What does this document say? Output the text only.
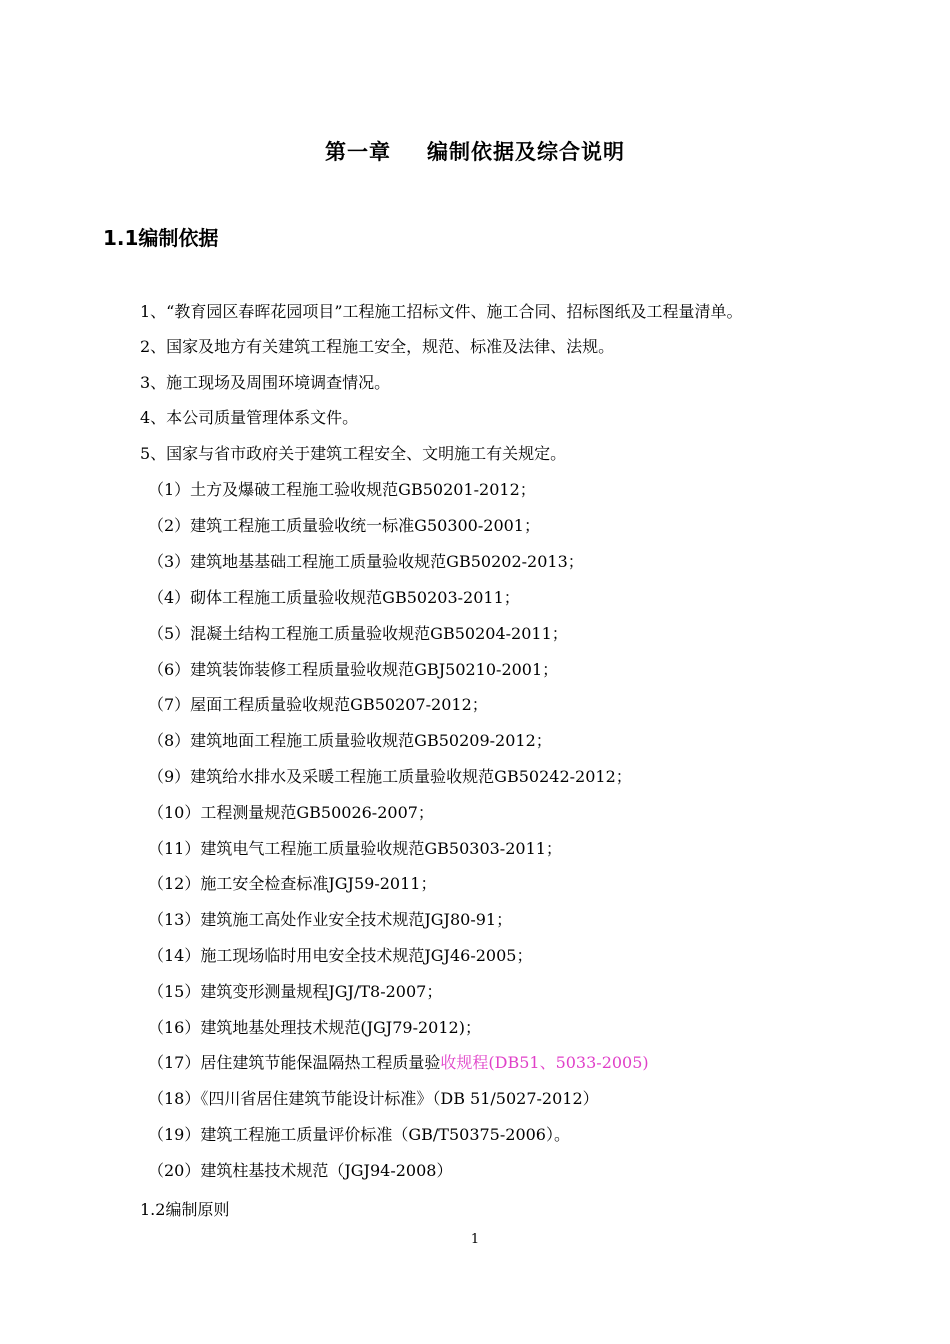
第一章 编制依据及综合说明
1.1编制依据
1、“教育园区春晖花园项目”工程施工招标文件、施工合同、招标图纸及工程量清单。
2、国家及地方有关建筑工程施工安全，规范、标准及法律、法规。
3、施工现场及周围环境调查情况。
4、本公司质量管理体系文件。
5、国家与省市政府关于建筑工程安全、文明施工有关规定。
（1）土方及爆破工程施工验收规范GB50201-2012；
（2）建筑工程施工质量验收统一标准G50300-2001；
（3）建筑地基基础工程施工质量验收规范GB50202-2013；
（4）砌体工程施工质量验收规范GB50203-2011；
（5）混凝土结构工程施工质量验收规范GB50204-2011；
（6）建筑装饰装修工程质量验收规范GBJ50210-2001；
（7）屋面工程质量验收规范GB50207-2012；
（8）建筑地面工程施工质量验收规范GB50209-2012；
（9）建筑给水排水及采暖工程施工质量验收规范GB50242-2012；
（10）工程测量规范GB50026-2007；
（11）建筑电气工程施工质量验收规范GB50303-2011；
（12）施工安全检查标准JGJ59-2011；
（13）建筑施工高处作业安全技术规范JGJ80-91；
（14）施工现场临时用电安全技术规范JGJ46-2005；
（15）建筑变形测量规程JGJ/T8-2007；
（16）建筑地基处理技术规范(JGJ79-2012)；
（17）居住建筑节能保温隔热工程质量验收规程(DB51、5033-2005)
（18）《四川省居住建筑节能设计标准》（DB 51/5027-2012）
（19）建筑工程施工质量评价标准（GB/T50375-2006）。
（20）建筑柱基技术规范（JGJ94-2008）
1.2编制原则
1
